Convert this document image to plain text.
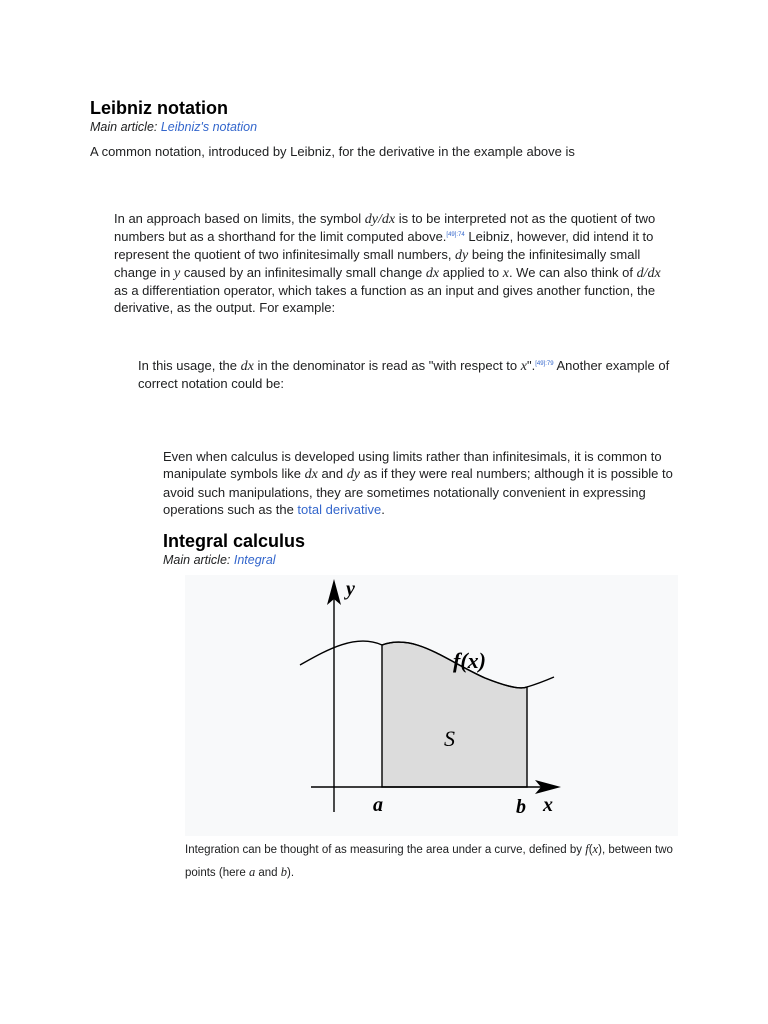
Leibniz notation
Main article: Leibniz's notation

A common notation, introduced by Leibniz, for the derivative in the example above is

In an approach based on limits, the symbol dy/dx is to be interpreted not as the quotient of two numbers but as a shorthand for the limit computed above.$^{[49]:74}$ Leibniz, however, did intend it to represent the quotient of two infinitesimally small numbers, dy being the infinitesimally small change in y caused by an infinitesimally small change dx applied to x. We can also think of d/dx as a differentiation operator, which takes a function as an input and gives another function, the derivative, as the output. For example:

In this usage, the dx in the denominator is read as "with respect to x".$^{[49]:79}$ Another example of correct notation could be:

Even when calculus is developed using limits rather than infinitesimals, it is common to manipulate symbols like dx and dy as if they were real numbers; although it is possible to avoid such manipulations, they are sometimes notationally convenient in expressing operations such as the total derivative.

Integral calculus
Main article: Integral
y
x
f(x)
S
a	b

Integration can be thought of as measuring the area under a curve, defined by f(x), between two points (here a and b).
